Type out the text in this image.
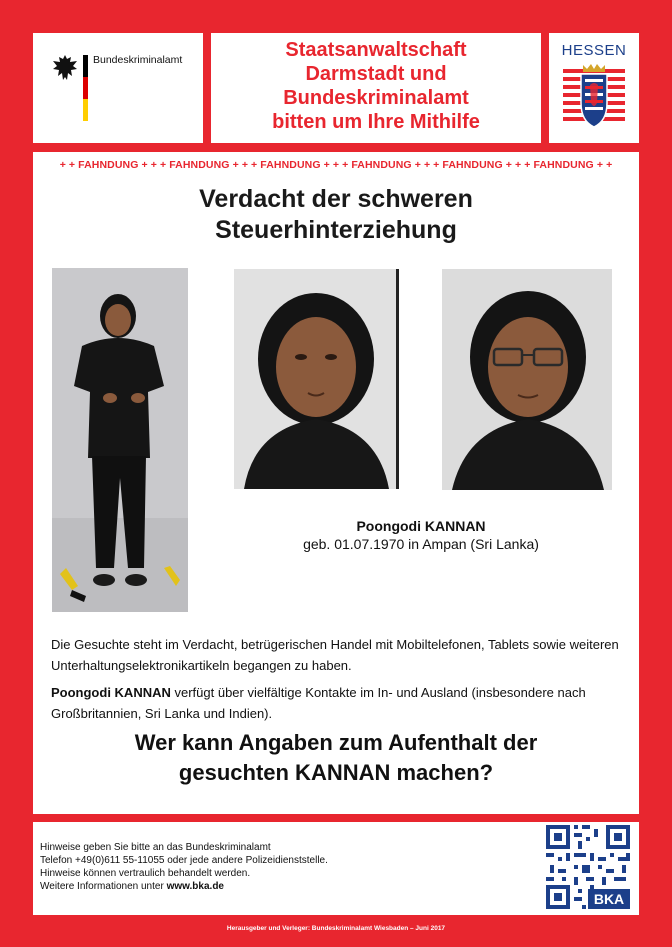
Bundeskriminalamt	Staatsanwaltschaft
Darmstadt und
Bundeskriminalamt
bitten um Ihre Mithilfe
HESSEN
+ + FAHNDUNG + + + FAHNDUNG + + + FAHNDUNG + + + FAHNDUNG + + + FAHNDUNG + + + FAHNDUNG + +
Verdacht der schweren
Steuerhinterziehung
Poongodi KANNAN
geb. 01.07.1970 in Ampan (Sri Lanka)
Die Gesuchte steht im Verdacht, betrügerischen Handel mit Mobiltelefonen, Tablets sowie weiteren Unterhaltungselektronikartikeln begangen zu haben.
Poongodi KANNAN verfügt über vielfältige Kontakte im In- und Ausland (insbesondere nach Großbritannien, Sri Lanka und Indien).
Wer kann Angaben zum Aufenthalt der
gesuchten KANNAN machen?
Hinweise geben Sie bitte an das Bundeskriminalamt
Telefon +49(0)611 55-11055 oder jede andere Polizeidienststelle.
Hinweise können vertraulich behandelt werden.
Weitere Informationen unter www.bka.de
BKA
Herausgeber und Verleger: Bundeskriminalamt Wiesbaden – Juni 2017
